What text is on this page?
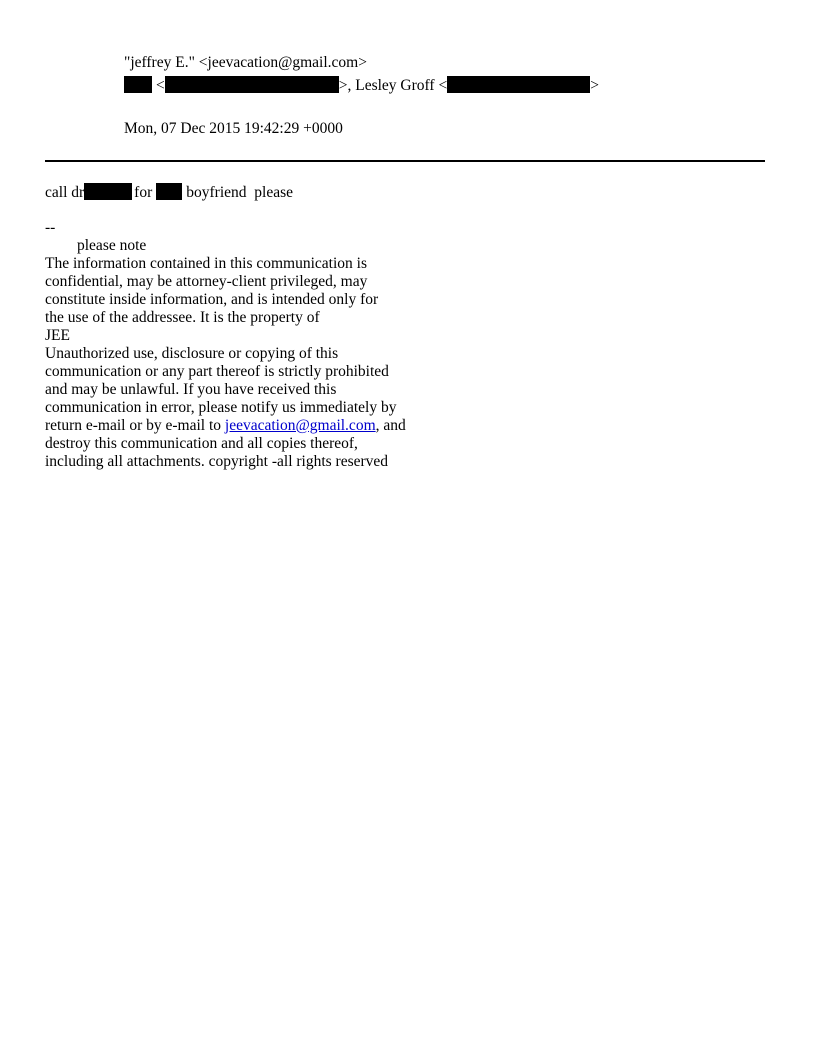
"jeffrey E." <jeevacation@gmail.com>
<	>, Lesley Groff <	>
Mon, 07 Dec 2015 19:42:29 +0000
call dr	for boyfriend  please
--
please note
The information contained in this communication is
confidential, may be attorney-client privileged, may
constitute inside information, and is intended only for
the use of the addressee. It is the property of
JEE
Unauthorized use, disclosure or copying of this
communication or any part thereof is strictly prohibited
and may be unlawful. If you have received this
communication in error, please notify us immediately by
return e-mail or by e-mail to jeevacation@gmail.com, and
destroy this communication and all copies thereof,
including all attachments. copyright -all rights reserved
